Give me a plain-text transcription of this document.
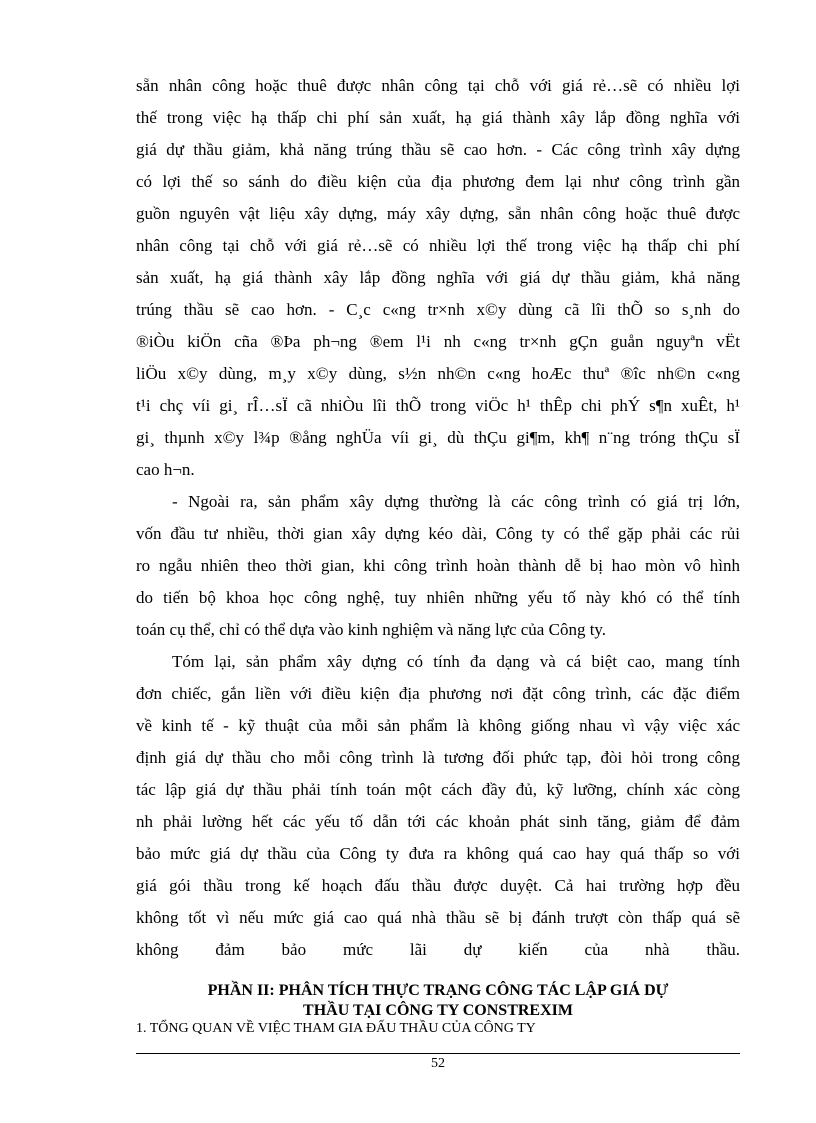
sẵn nhân công hoặc thuê được nhân công tại chỗ với giá rẻ…sẽ có nhiều lợi
thế trong việc hạ thấp chi phí sản xuất, hạ giá thành xây lắp đồng nghĩa với
giá dự thầu giảm, khả năng trúng thầu sẽ cao hơn. - Các công trình xây dựng
có lợi thế so sánh do điều kiện của địa phương đem lại như công trình gần
guồn nguyên vật liệu xây dựng, máy xây dựng, sẵn nhân công hoặc thuê được
nhân công tại chỗ với giá rẻ…sẽ có nhiều lợi thế trong việc hạ thấp chi phí
sản xuất, hạ giá thành xây lắp đồng nghĩa với giá dự thầu giảm, khả năng
trúng thầu sẽ cao hơn. - C¸c c«ng tr×nh x©y dùng cã lîi thÕ so s¸nh do
®iÒu kiÖn cña ®Þa ph¬ng ®em l¹i nh c«ng tr×nh gÇn guån nguyªn vËt
liÖu x©y dùng, m¸y x©y dùng, s½n nh©n c«ng hoÆc thuª ®îc nh©n c«ng
t¹i chç víi gi¸ rÎ…sÏ cã nhiÒu lîi thÕ trong viÖc h¹ thÊp chi phÝ s¶n xuÊt, h¹
gi¸ thµnh x©y l¾p ®ång nghÜa víi gi¸ dù thÇu gi¶m, kh¶ n¨ng tróng thÇu sÏ
cao h¬n.
- Ngoài ra, sản phẩm xây dựng thường là các công trình có giá trị lớn,
vốn đầu tư nhiều, thời gian xây dựng kéo dài, Công ty có thể gặp phải các rủi
ro ngẫu nhiên theo thời gian, khi công trình hoàn thành dễ bị hao mòn vô hình
do tiến bộ khoa học công nghệ, tuy nhiên những yếu tố này khó có thể tính
toán cụ thể, chỉ có thể dựa vào kinh nghiệm và năng lực của Công ty.
Tóm lại, sản phẩm xây dựng có tính đa dạng và cá biệt cao, mang tính
đơn chiếc, gắn liền với điều kiện địa phương nơi đặt công trình, các đặc điểm
về kinh tế - kỹ thuật của mỗi sản phẩm là không giống nhau vì vậy việc xác
định giá dự thầu cho mỗi công trình là tương đối phức tạp, đòi hỏi trong công
tác lập giá dự thầu phải tính toán một cách đầy đủ, kỹ lưỡng, chính xác còng
nh phải lường hết các yếu tố dẫn tới các khoản phát sinh tăng, giảm để đảm
bảo mức giá dự thầu của Công ty đưa ra không quá cao hay quá thấp so với
giá gói thầu trong kế hoạch đấu thầu được duyệt. Cả hai trường hợp đều
không tốt vì nếu mức giá cao quá nhà thầu sẽ bị đánh trượt còn thấp quá sẽ
không đảm bảo mức lãi dự kiến của nhà thầu.
PHẦN II: PHÂN TÍCH THỰC TRẠNG CÔNG TÁC LẬP GIÁ DỰ
THẦU TẠI CÔNG TY CONSTREXIM
1. TỔNG QUAN VỀ VIỆC THAM GIA ĐẤU THẦU CỦA CÔNG TY
52
